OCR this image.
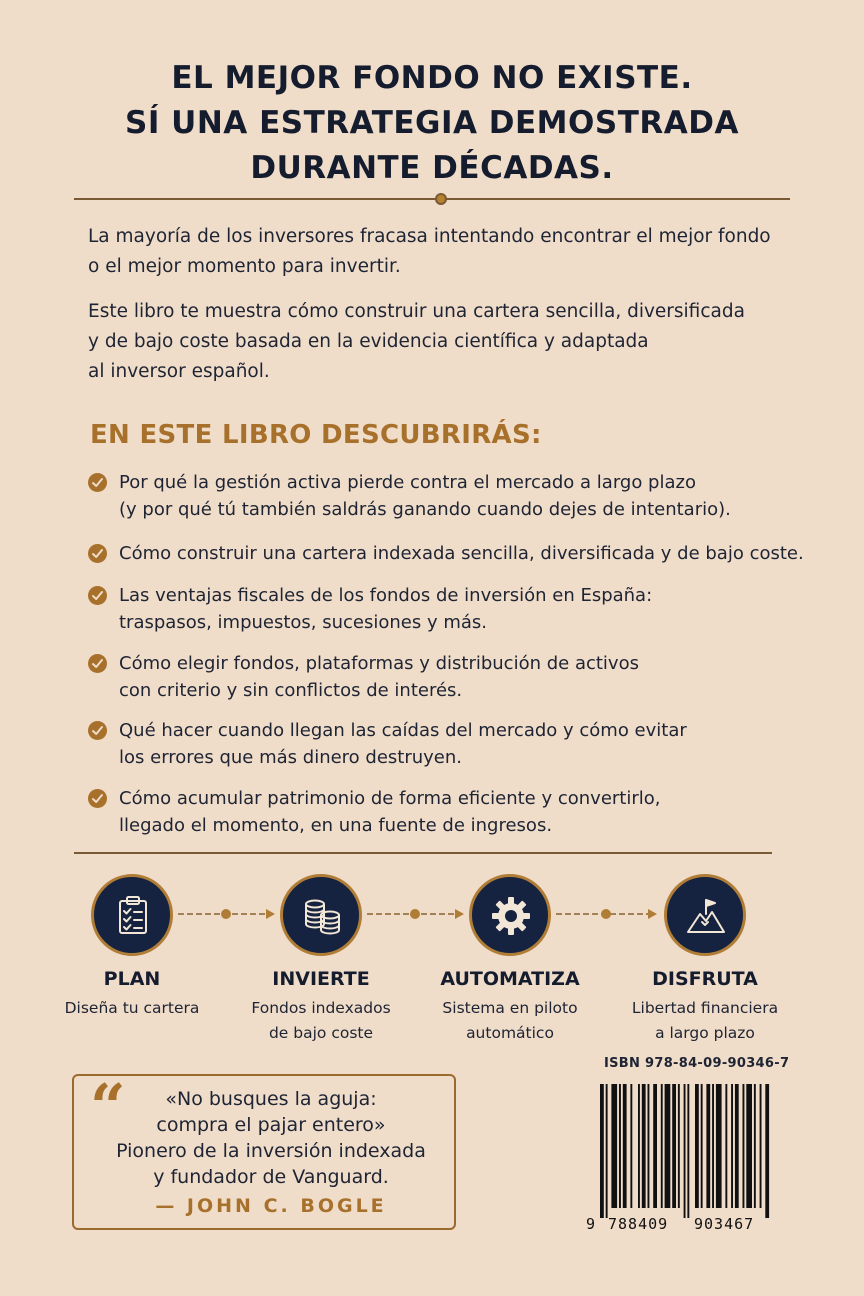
EL MEJOR FONDO NO EXISTE.
SÍ UNA ESTRATEGIA DEMOSTRADA
DURANTE DÉCADAS.
La mayoría de los inversores fracasa intentando encontrar el mejor fondo
o el mejor momento para invertir.
Este libro te muestra cómo construir una cartera sencilla, diversificada
y de bajo coste basada en la evidencia científica y adaptada
al inversor español.
EN ESTE LIBRO DESCUBRIRÁS:
Por qué la gestión activa pierde contra el mercado a largo plazo
(y por qué tú también saldrás ganando cuando dejes de intentario).
Cómo construir una cartera indexada sencilla, diversificada y de bajo coste.
Las ventajas fiscales de los fondos de inversión en España:
traspasos, impuestos, sucesiones y más.
Cómo elegir fondos, plataformas y distribución de activos
con criterio y sin conflictos de interés.
Qué hacer cuando llegan las caídas del mercado y cómo evitar
los errores que más dinero destruyen.
Cómo acumular patrimonio de forma eficiente y convertirlo,
llegado el momento, en una fuente de ingresos.
PLAN
Diseña tu cartera
INVIERTE
Fondos indexados
de bajo coste
AUTOMATIZA
Sistema en piloto
automático
DISFRUTA
Libertad financiera
a largo plazo
“	«No busques la aguja:
compra el pajar entero»
Pionero de la inversión indexada
y fundador de Vanguard.
— JOHN C. BOGLE
ISBN 978-84-09-90346-7
9 788409 903467
